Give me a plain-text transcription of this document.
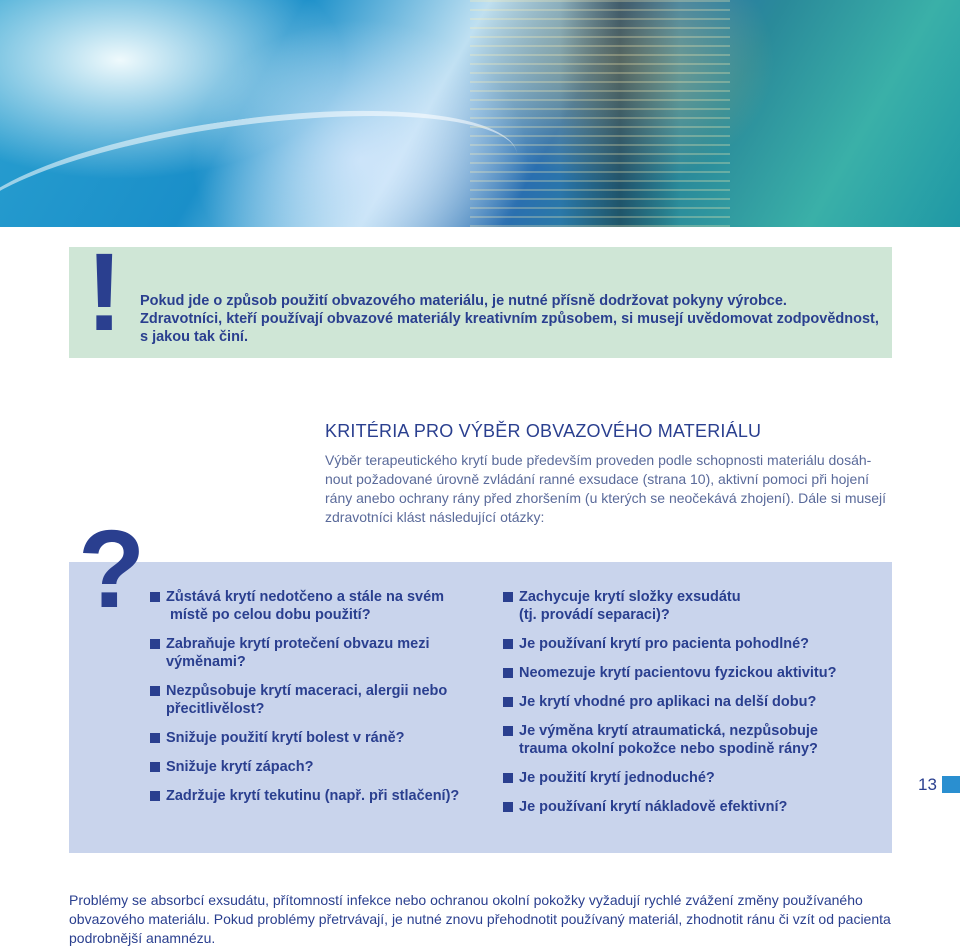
! Pokud jde o způsob použití obvazového materiálu, je nutné přísně dodržovat pokyny výrobce.

Zdravotníci, kteří používají obvazové materiály kreativním způsobem, si musejí uvědomovat zodpovědnost,

s jakou tak činí.

KRITÉRIA PRO VÝBĚR OBVAZOVÉHO MATERIÁLU

Výběr terapeutického krytí bude především proveden podle schopnosti materiálu dosáh-

nout požadované úrovně zvládání ranné exsudace (strana 10), aktivní pomoci při hojení

rány anebo ochrany rány před zhoršením (u kterých se neočekává zhojení). Dále si musejí

zdravotníci klást následující otázky:

? Zůstává krytí nedotčeno a stále na svém
místě po celou dobu použití?
Zabraňuje krytí protečení obvazu mezi
výměnami?
Nezpůsobuje krytí maceraci, alergii nebo
přecitlivělost?
Snižuje použití krytí bolest v ráně?
Snižuje krytí zápach?
Zadržuje krytí tekutinu (např. při stlačení)?
Zachycuje krytí složky exsudátu
(tj. provádí separaci)?
Je používaní krytí pro pacienta pohodlné?
Neomezuje krytí pacientovu fyzickou aktivitu?
Je krytí vhodné pro aplikaci na delší dobu?
Je výměna krytí atraumatická, nezpůsobuje
trauma okolní pokožce nebo spodině rány?
Je použití krytí jednoduché?
Je používaní krytí nákladově efektivní?
13

Problémy se absorbcí exsudátu, přítomností infekce nebo ochranou okolní pokožky vyžadují rychlé zvážení změny používaného

obvazového materiálu. Pokud problémy přetrvávají, je nutné znovu přehodnotit používaný materiál, zhodnotit ránu či vzít od pacienta

podrobnější anamnézu.
